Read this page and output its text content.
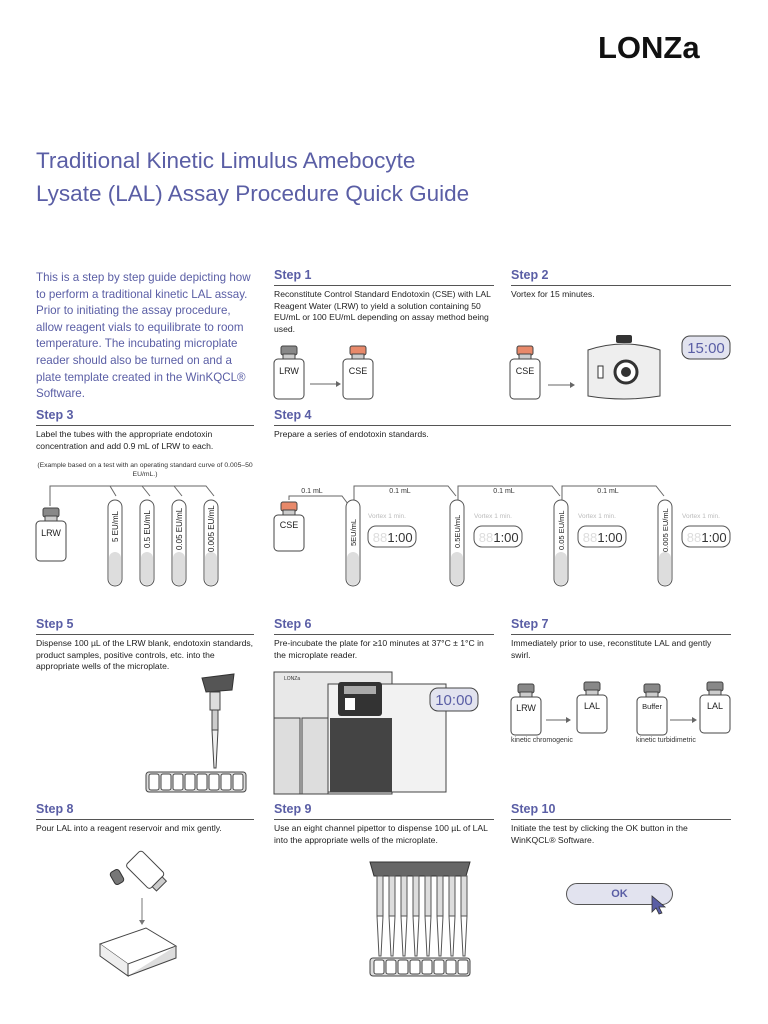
LONZa
Traditional Kinetic Limulus Amebocyte
Lysate (LAL) Assay Procedure Quick Guide
This is a step by step guide depicting how to perform a traditional kinetic LAL assay. Prior to initiating the assay procedure, allow reagent vials to equilibrate to room temperature. The incubating microplate reader should also be turned on and a plate template created in the WinKQCL® Software.
Step 1
Reconstitute Control Standard Endotoxin (CSE) with LAL Reagent Water (LRW) to yield a solution containing 50 EU/mL or 100 EU/mL depending on assay method being used.
LRW	CSE
Step 2
Vortex for 15 minutes.
CSE
15:00
Step 3
Label the tubes with the appropriate endotoxin concentration and add 0.9 mL of LRW to each.
(Example based on a test with an operating standard curve of 0.005–50 EU/mL.)
LRW	5 EU/mL	0.5 EU/mL	0.05 EU/mL	0.005 EU/mL
Step 4
Prepare a series of endotoxin standards.
CSE
0.1 mL	0.1 mL	0.1 mL	0.1 mL
5EU/mL
Vortex 1 min.
88 1:00	0.5EU/mL Vortex 1 min.
88 1:00	0.05 EU/mL Vortex 1 min.
88 1:00	0.005 EU/mL Vortex 1 min.
88 1:00
Step 5
Dispense 100 µL of the LRW blank, endotoxin standards, product samples, positive controls, etc. into the appropriate wells of the microplate.
Step 6
Pre-incubate the plate for ≥10 minutes at 37°C ± 1°C in the microplate reader.
LONZa
10:00
Step 7
Immediately prior to use, reconstitute LAL and gently swirl.
LRW	LAL	Buffer	LAL
kinetic chromogenic	kinetic turbidimetric
Step 8
Pour LAL into a reagent reservoir and mix gently.
Step 9
Use an eight channel pipettor to dispense 100 µL of LAL into the appropriate wells of the microplate.
Step 10
Initiate the test by clicking the OK button in the WinKQCL® Software.
OK
